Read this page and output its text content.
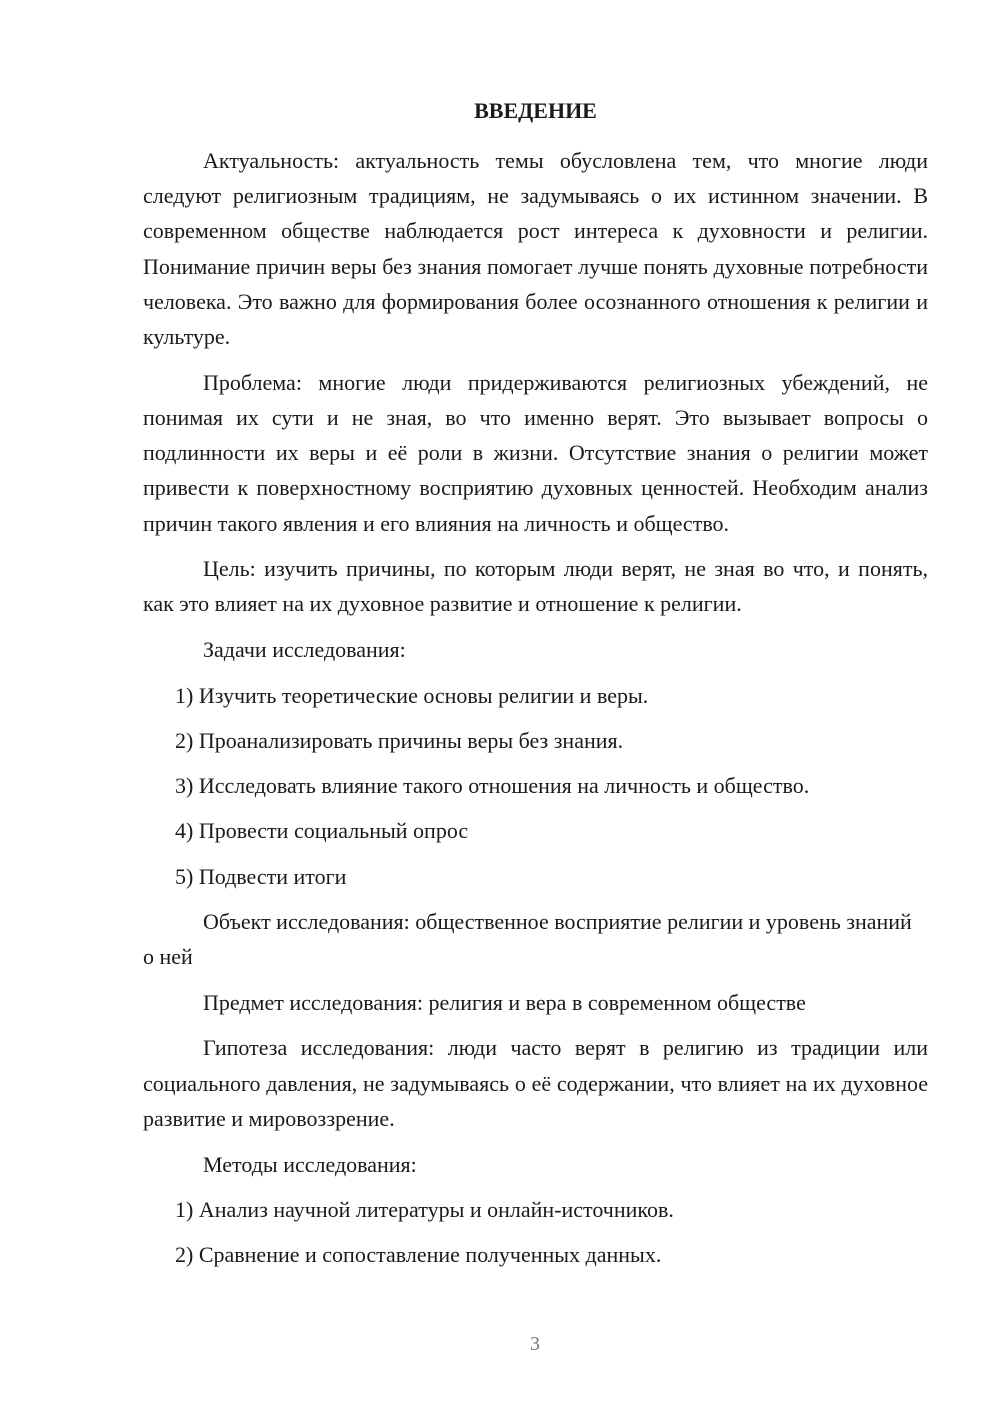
ВВЕДЕНИЕ

Актуальность: актуальность темы обусловлена тем, что многие люди следуют религиозным традициям, не задумываясь о их истинном значении. В современном обществе наблюдается рост интереса к духовности и религии. Понимание причин веры без знания помогает лучше понять духовные потребности человека. Это важно для формирования более осознанного отношения к религии и культуре.

Проблема: многие люди придерживаются религиозных убеждений, не понимая их сути и не зная, во что именно верят. Это вызывает вопросы о подлинности их веры и её роли в жизни. Отсутствие знания о религии может привести к поверхностному восприятию духовных ценностей. Необходим анализ причин такого явления и его влияния на личность и общество.

Цель: изучить причины, по которым люди верят, не зная во что, и понять, как это влияет на их духовное развитие и отношение к религии.

Задачи исследования:

1) Изучить теоретические основы религии и веры.
2) Проанализировать причины веры без знания.
3) Исследовать влияние такого отношения на личность и общество.
4) Провести социальный опрос
5) Подвести итоги

Объект исследования: общественное восприятие религии и уровень знаний о ней

Предмет исследования: религия и вера в современном обществе

Гипотеза исследования: люди часто верят в религию из традиции или социального давления, не задумываясь о её содержании, что влияет на их духовное развитие и мировоззрение.

Методы исследования:

1) Анализ научной литературы и онлайн-источников.
2) Сравнение и сопоставление полученных данных.
3
